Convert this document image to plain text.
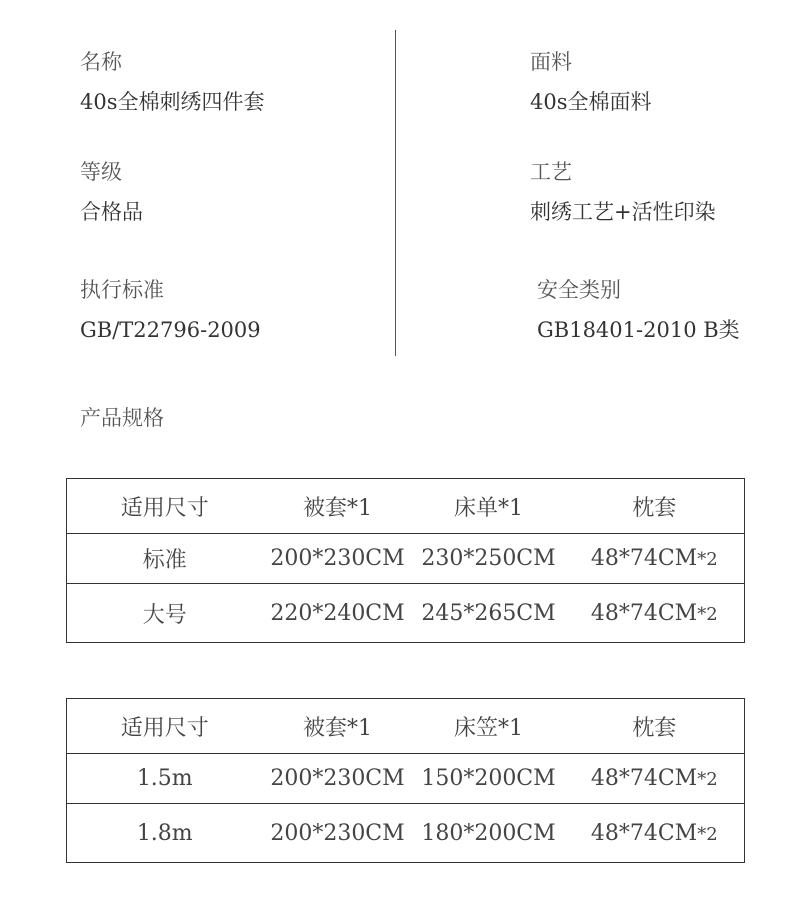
名称
40s全棉刺绣四件套
等级
合格品
执行标准
GB/T22796-2009
面料
40s全棉面料
工艺
刺绣工艺+活性印染
安全类别
GB18401-2010 B类
产品规格
适用尺寸	被套*1	床单*1	枕套
标准	200*230CM	230*250CM	48*74CM*2
大号	220*240CM	245*265CM	48*74CM*2
适用尺寸	被套*1	床笠*1	枕套
1.5m	200*230CM	150*200CM	48*74CM*2
1.8m	200*230CM	180*200CM	48*74CM*2
